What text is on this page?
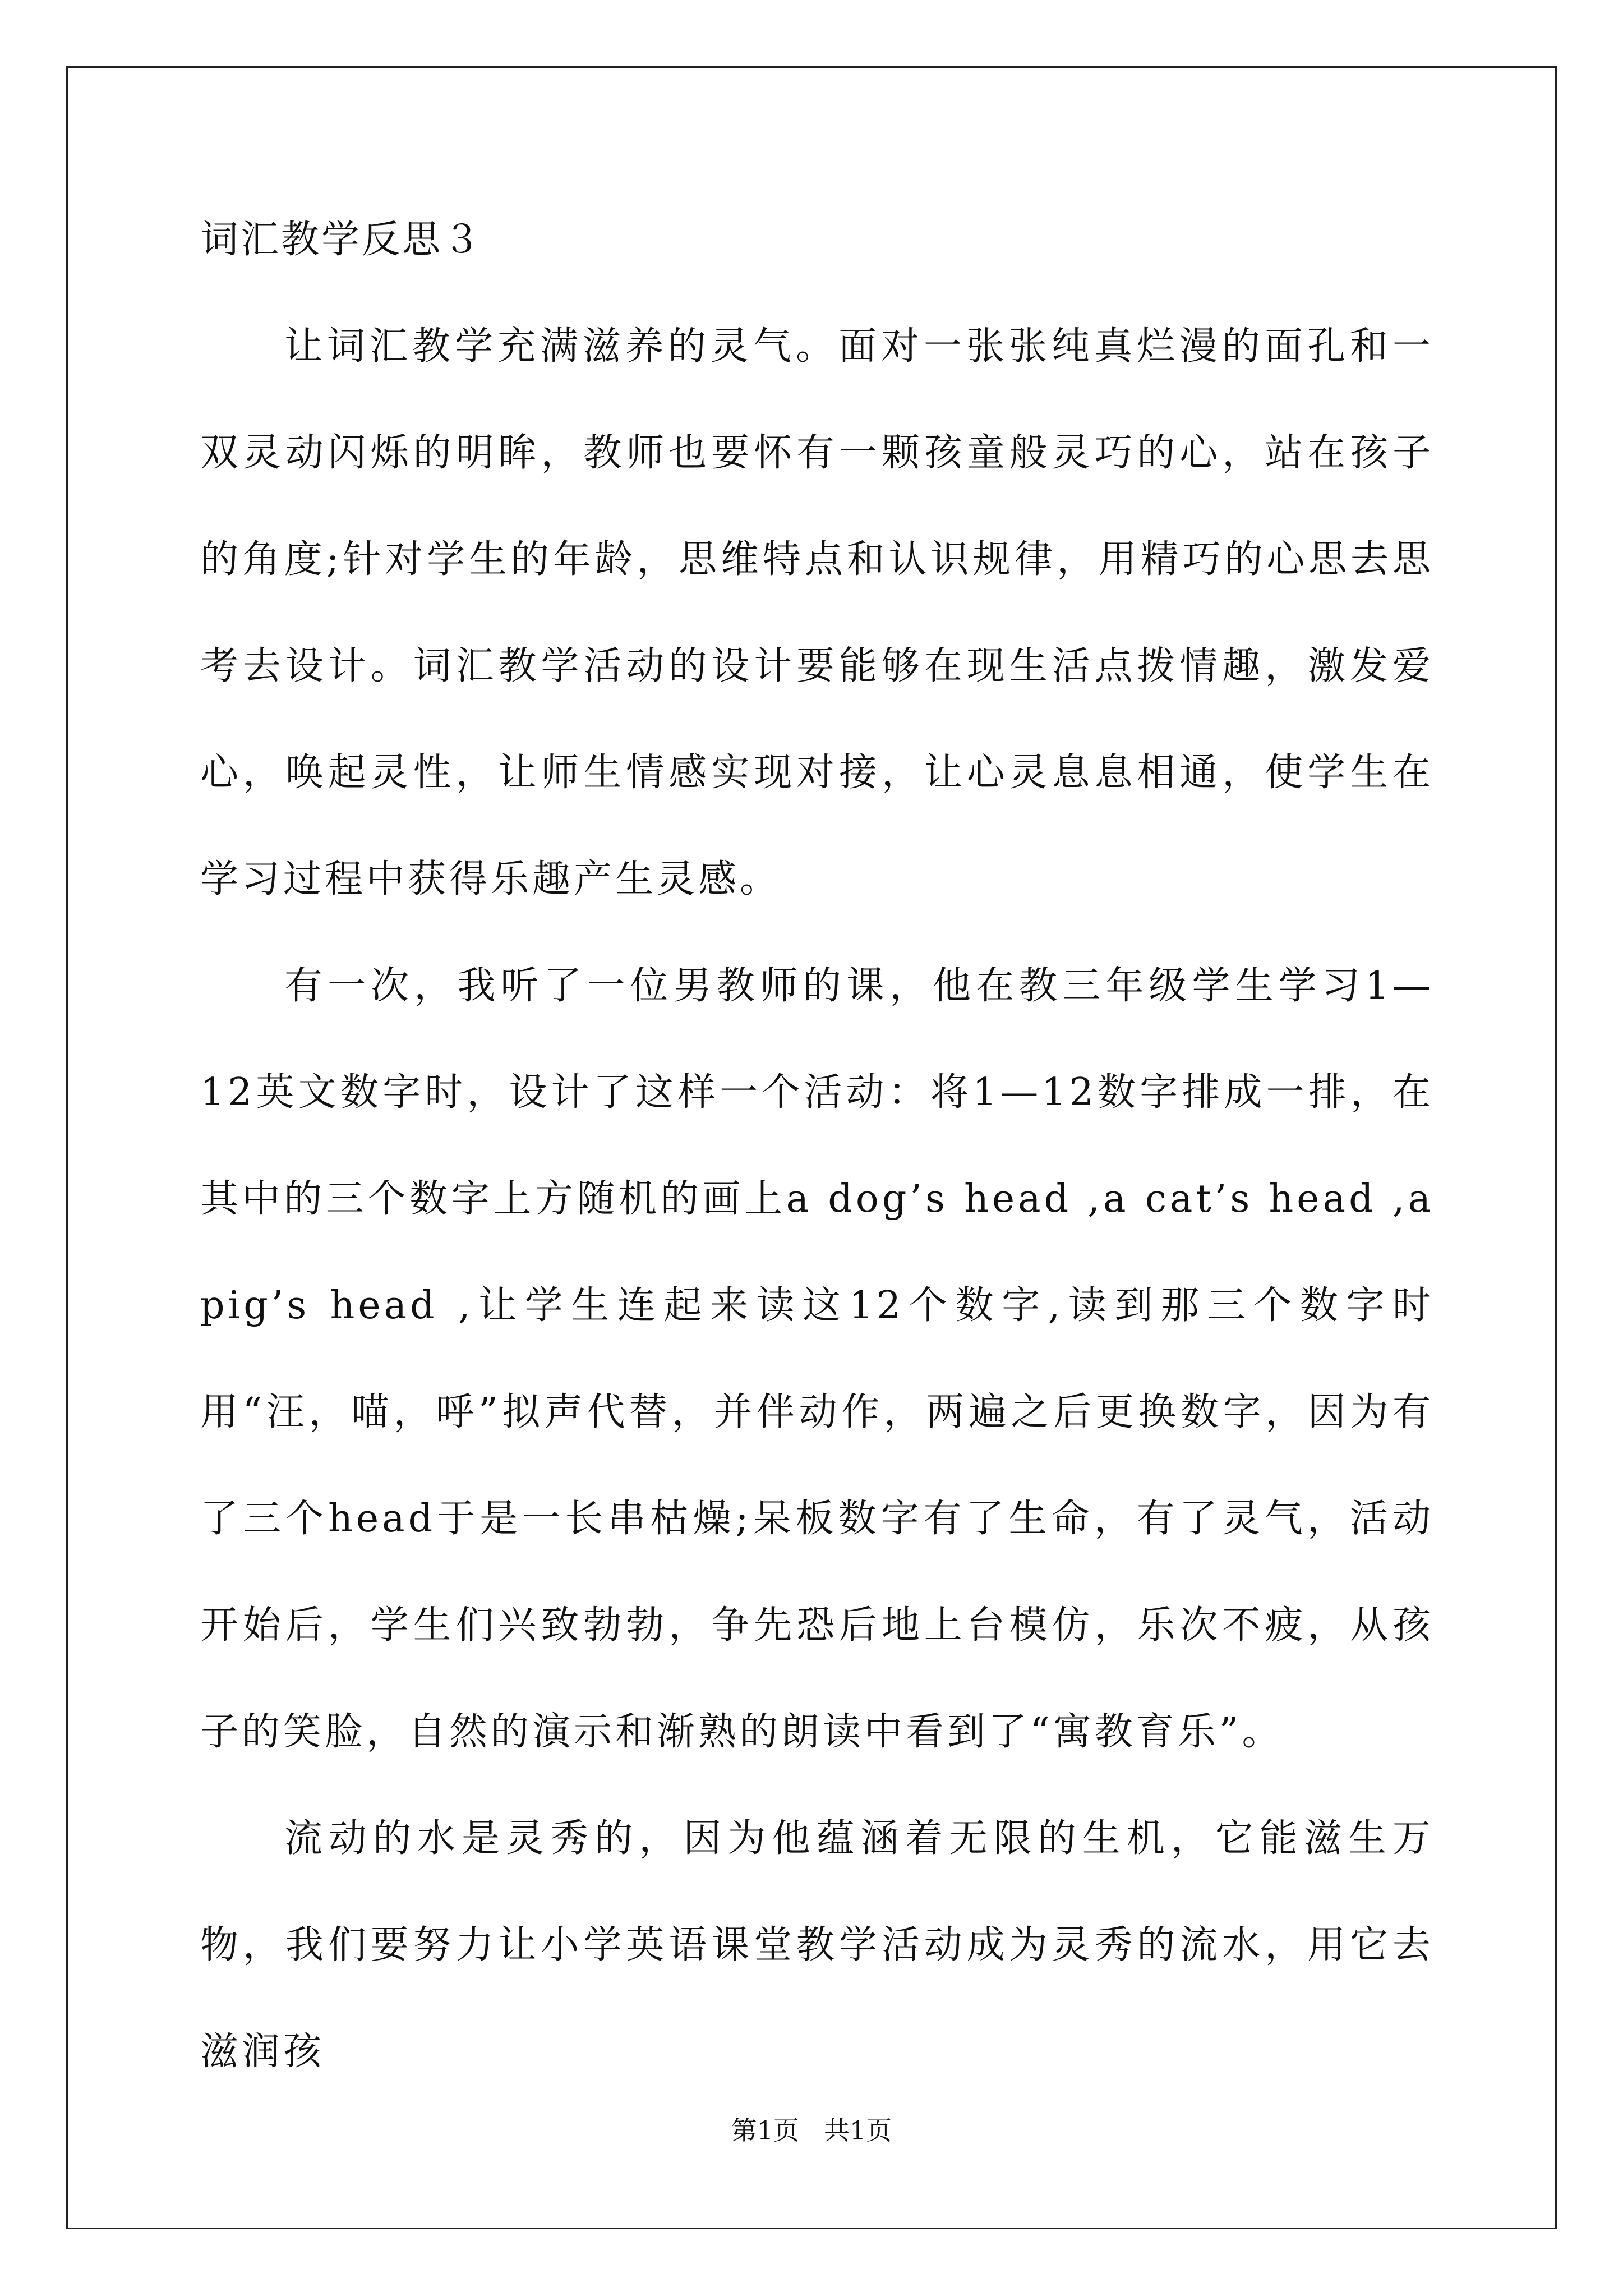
词汇教学反思３

让词汇教学充满滋养的灵气。面对一张张纯真烂漫的面孔和一双灵动闪烁的明眸，教师也要怀有一颗孩童般灵巧的心，站在孩子的角度;针对学生的年龄，思维特点和认识规律，用精巧的心思去思考去设计。词汇教学活动的设计要能够在现生活点拨情趣，激发爱心，唤起灵性，让师生情感实现对接，让心灵息息相通，使学生在学习过程中获得乐趣产生灵感。

有一次，我听了一位男教师的课，他在教三年级学生学习1—12英文数字时，设计了这样一个活动：将1—12数字排成一排，在其中的三个数字上方随机的画上a dog’s head ,a cat’s head ,a pig’s head ,让学生连起来读这12个数字,读到那三个数字时用“汪，喵，呼”拟声代替，并伴动作，两遍之后更换数字，因为有了三个head于是一长串枯燥;呆板数字有了生命，有了灵气，活动开始后，学生们兴致勃勃，争先恐后地上台模仿，乐次不疲，从孩子的笑脸，自然的演示和渐熟的朗读中看到了“寓教育乐”。

流动的水是灵秀的，因为他蕴涵着无限的生机，它能滋生万物，我们要努力让小学英语课堂教学活动成为灵秀的流水，用它去滋润孩

第1页 共1页
